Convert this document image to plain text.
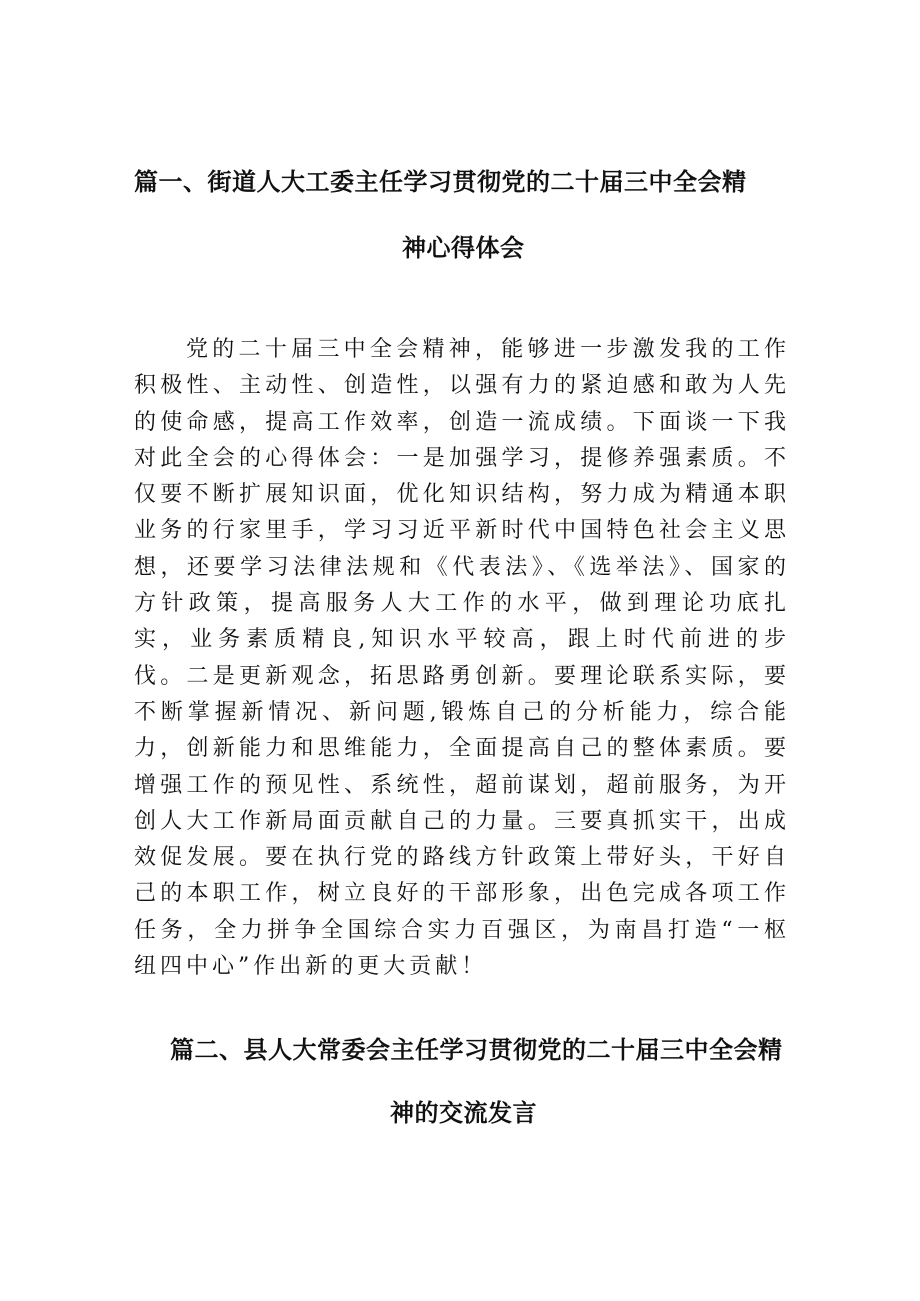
篇一、街道人大工委主任学习贯彻党的二十届三中全会精
神心得体会

党的二十届三中全会精神，能够进一步激发我的工作积极性、主动性、创造性，以强有力的紧迫感和敢为人先的使命感，提高工作效率，创造一流成绩。下面谈一下我对此全会的心得体会：一是加强学习，提修养强素质。不仅要不断扩展知识面，优化知识结构，努力成为精通本职业务的行家里手，学习习近平新时代中国特色社会主义思想，还要学习法律法规和《代表法》、《选举法》、国家的方针政策，提高服务人大工作的水平，做到理论功底扎实，业务素质精良,知识水平较高，跟上时代前进的步伐。二是更新观念，拓思路勇创新。要理论联系实际，要不断掌握新情况、新问题,锻炼自己的分析能力，综合能力，创新能力和思维能力，全面提高自己的整体素质。要增强工作的预见性、系统性，超前谋划，超前服务，为开创人大工作新局面贡献自己的力量。三要真抓实干，出成效促发展。要在执行党的路线方针政策上带好头，干好自己的本职工作，树立良好的干部形象，出色完成各项工作任务，全力拼争全国综合实力百强区，为南昌打造“一枢纽四中心”作出新的更大贡献！

篇二、县人大常委会主任学习贯彻党的二十届三中全会精
神的交流发言
